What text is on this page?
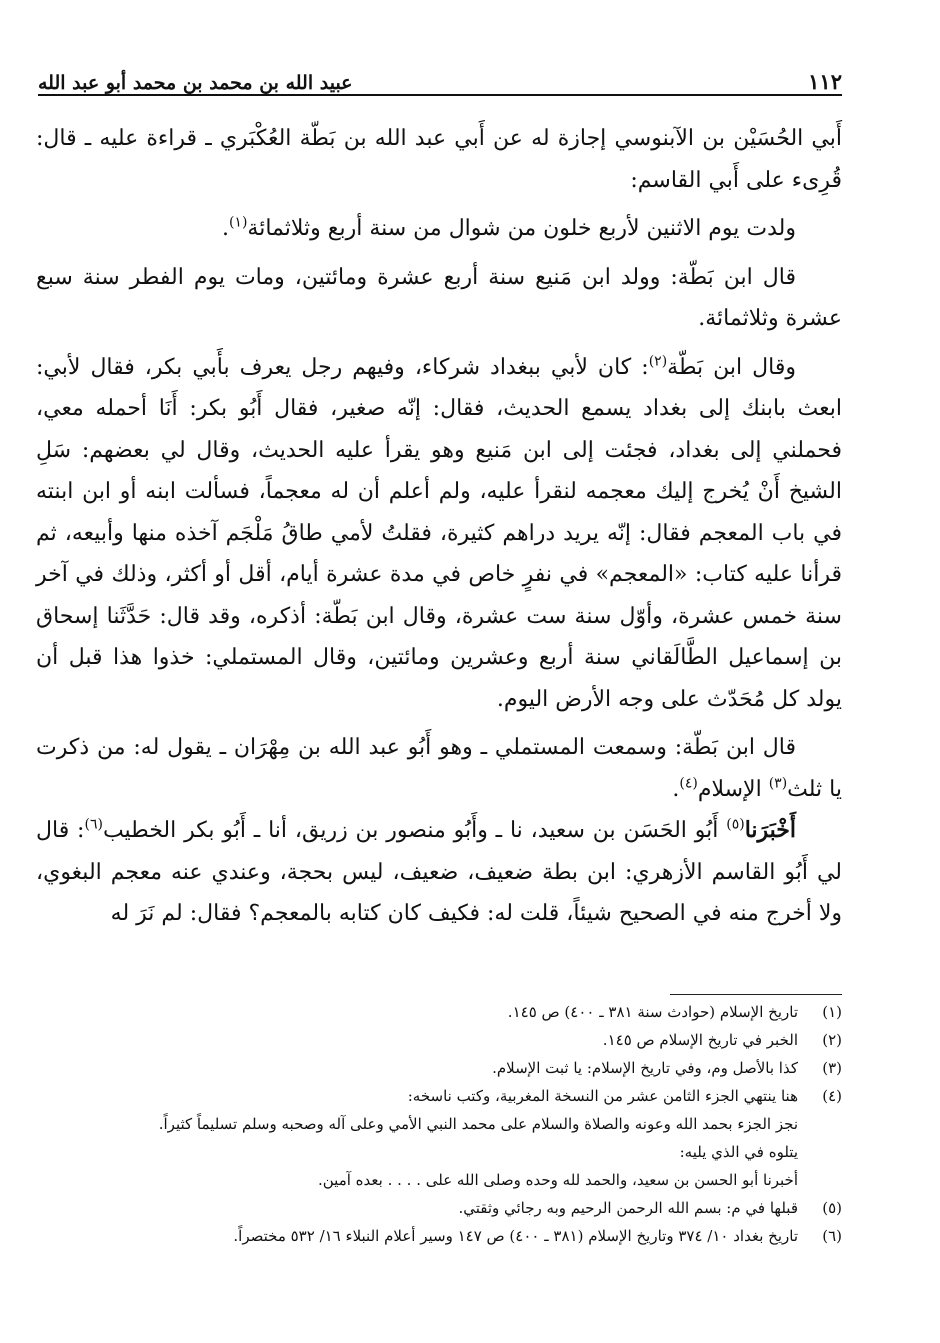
عبيد الله بن محمد بن محمد أبو عبد الله	١١٢

أَبي الحُسَيْن بن الآبنوسي إجازة له عن أَبي عبد الله بن بَطّة العُكْبَري ـ قراءة عليه ـ قال: قُرِىء على أَبي القاسم:

ولدت يوم الاثنين لأربع خلون من شوال من سنة أربع وثلاثمائة$^{(١)}$.

قال ابن بَطّة: وولد ابن مَنيع سنة أربع عشرة ومائتين، ومات يوم الفطر سنة سبع عشرة وثلاثمائة.

وقال ابن بَطّة$^{(٢)}$: كان لأبي ببغداد شركاء، وفيهم رجل يعرف بأَبي بكر، فقال لأبي: ابعث بابنك إلى بغداد يسمع الحديث، فقال: إنّه صغير، فقال أَبُو بكر: أَنَا أحمله معي، فحملني إلى بغداد، فجئت إلى ابن مَنيع وهو يقرأ عليه الحديث، وقال لي بعضهم: سَلِ الشيخ أَنْ يُخرج إليك معجمه لنقرأ عليه، ولم أعلم أن له معجماً، فسألت ابنه أو ابن ابنته في باب المعجم فقال: إنّه يريد دراهم كثيرة، فقلتُ لأمي طاقُ مَلْجَم آخذه منها وأبيعه، ثم قرأنا عليه كتاب: «المعجم» في نفرٍ خاص في مدة عشرة أيام، أقل أو أكثر، وذلك في آخر سنة خمس عشرة، وأوّل سنة ست عشرة، وقال ابن بَطّة: أذكره، وقد قال: حَدَّثَنا إسحاق بن إسماعيل الطَّالَقاني سنة أربع وعشرين ومائتين، وقال المستملي: خذوا هذا قبل أن يولد كل مُحَدّث على وجه الأرض اليوم.

قال ابن بَطّة: وسمعت المستملي ـ وهو أَبُو عبد الله بن مِهْرَان ـ يقول له: من ذكرت يا ثلث$^{(٣)}$ الإسلام$^{(٤)}$.

أَخْبَرَنا$^{(٥)}$ أَبُو الحَسَن بن سعيد، نا ـ وأَبُو منصور بن زريق، أنا ـ أَبُو بكر الخطيب$^{(٦)}$: قال لي أَبُو القاسم الأزهري: ابن بطة ضعيف، ضعيف، ليس بحجة، وعندي عنه معجم البغوي، ولا أخرج منه في الصحيح شيئاً، قلت له: فكيف كان كتابه بالمعجم؟ فقال: لم نَرَ له

(١)
تاريخ الإسلام (حوادث سنة ٣٨١ ـ ٤٠٠) ص ١٤٥.
(٢)
الخبر في تاريخ الإسلام ص ١٤٥.
(٣)
كذا بالأصل وم، وفي تاريخ الإسلام: يا ثبت الإسلام.
(٤)
هنا ينتهي الجزء الثامن عشر من النسخة المغربية، وكتب ناسخه:
نجز الجزء بحمد الله وعونه والصلاة والسلام على محمد النبي الأمي وعلى آله وصحبه وسلم تسليماً كثيراً.
يتلوه في الذي يليه:
أخبرنا أبو الحسن بن سعيد، والحمد لله وحده وصلى الله على . . . . بعده آمين.
(٥)
قبلها في م: بسم الله الرحمن الرحيم وبه رجائي وثقتي.
(٦)
تاريخ بغداد ١٠/ ٣٧٤ وتاريخ الإسلام (٣٨١ ـ ٤٠٠) ص ١٤٧ وسير أعلام النبلاء ١٦/ ٥٣٢ مختصراً.
